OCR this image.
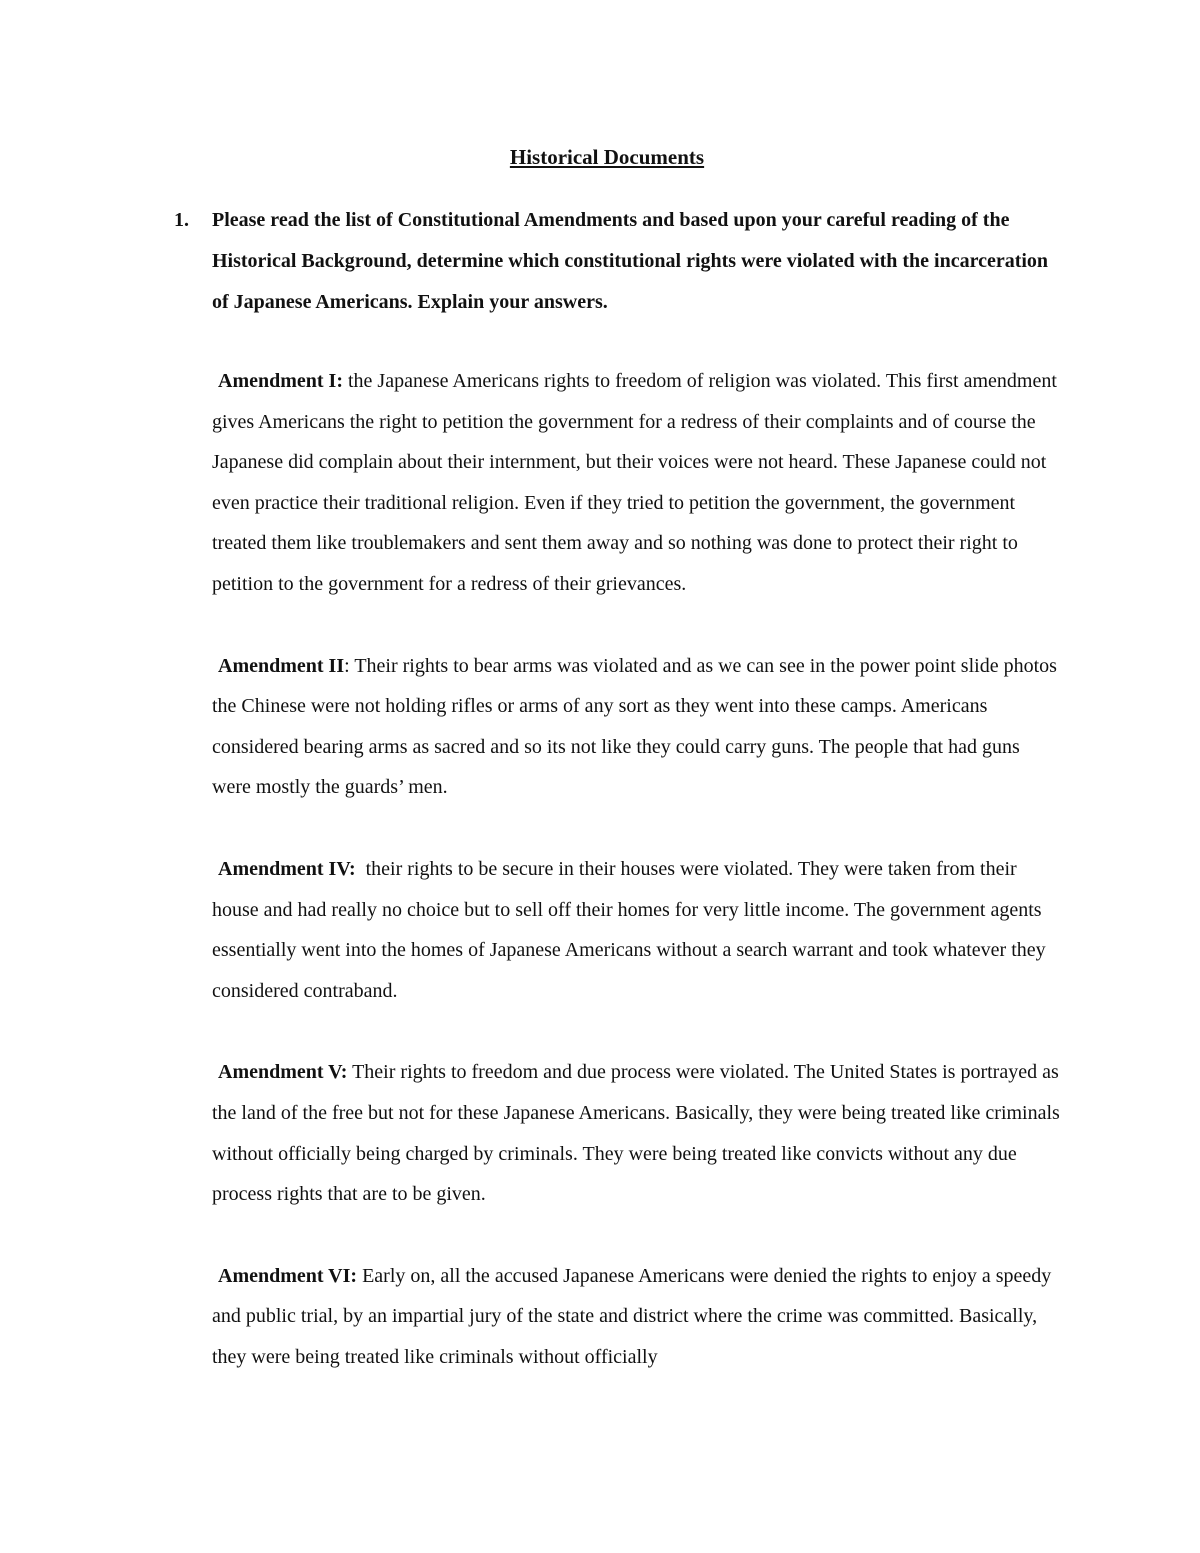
Historical Documents
1.	Please read the list of Constitutional Amendments and based upon your careful reading of the Historical Background, determine which constitutional rights were violated with the incarceration of Japanese Americans. Explain your answers.

Amendment I: the Japanese Americans rights to freedom of religion was violated. This first amendment gives Americans the right to petition the government for a redress of their complaints and of course the Japanese did complain about their internment, but their voices were not heard. These Japanese could not even practice their traditional religion. Even if they tried to petition the government, the government treated them like troublemakers and sent them away and so nothing was done to protect their right to petition to the government for a redress of their grievances.

Amendment II: Their rights to bear arms was violated and as we can see in the power point slide photos the Chinese were not holding rifles or arms of any sort as they went into these camps. Americans considered bearing arms as sacred and so its not like they could carry guns. The people that had guns were mostly the guards’ men.

Amendment IV:  their rights to be secure in their houses were violated. They were taken from their house and had really no choice but to sell off their homes for very little income. The government agents essentially went into the homes of Japanese Americans without a search warrant and took whatever they considered contraband.

Amendment V: Their rights to freedom and due process were violated. The United States is portrayed as the land of the free but not for these Japanese Americans. Basically, they were being treated like criminals without officially being charged by criminals. They were being treated like convicts without any due process rights that are to be given.

Amendment VI: Early on, all the accused Japanese Americans were denied the rights to enjoy a speedy and public trial, by an impartial jury of the state and district where the crime was committed. Basically, they were being treated like criminals without officially
